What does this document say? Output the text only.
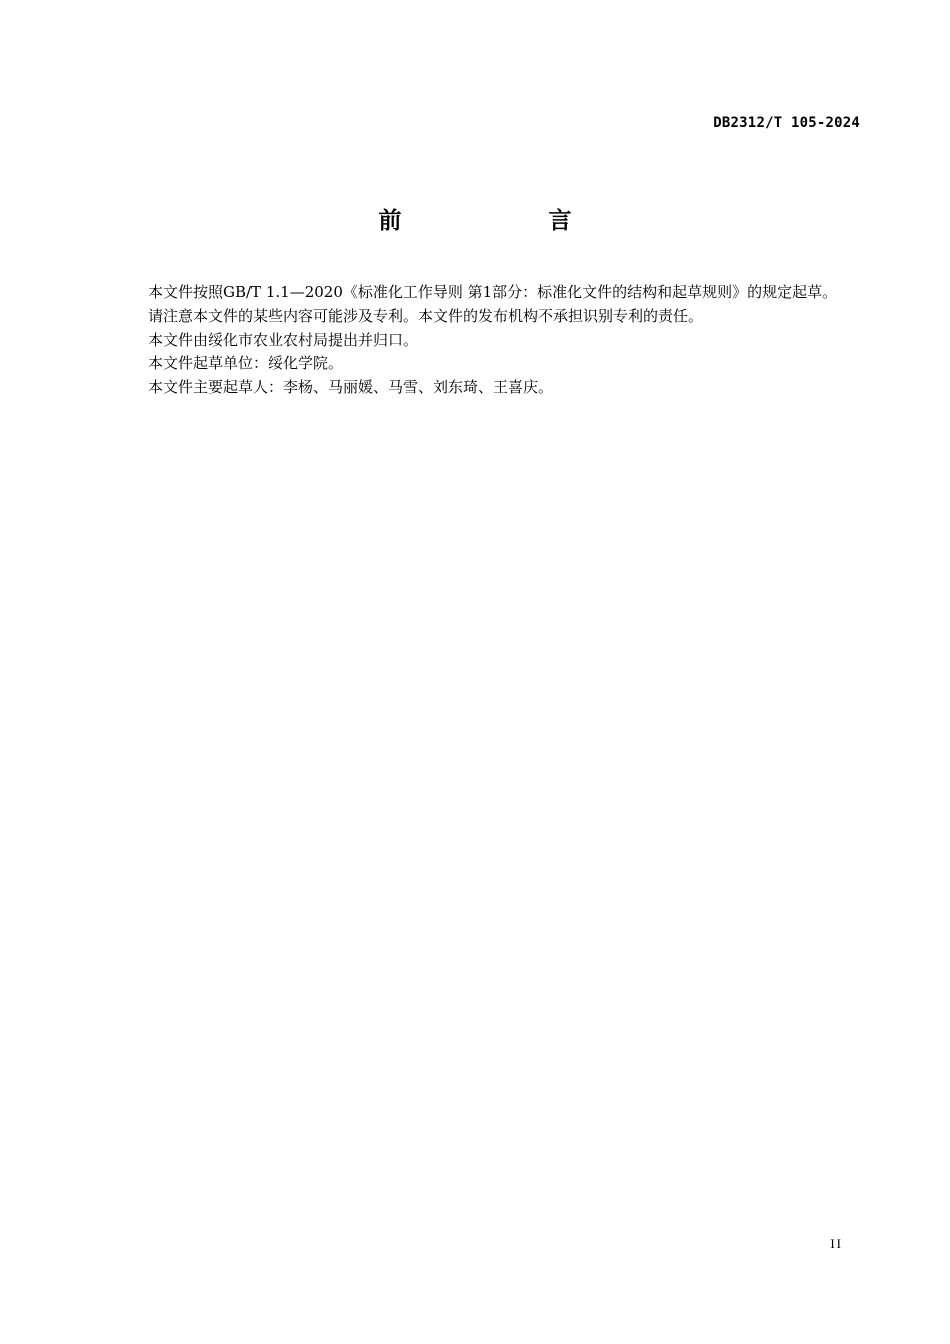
DB2312/T 105-2024
前　言

本文件按照GB/T 1.1—2020《标准化工作导则 第1部分：标准化文件的结构和起草规则》的规定起草。

请注意本文件的某些内容可能涉及专利。本文件的发布机构不承担识别专利的责任。

本文件由绥化市农业农村局提出并归口。

本文件起草单位：绥化学院。

本文件主要起草人：李杨、马丽媛、马雪、刘东琦、王喜庆。

II
